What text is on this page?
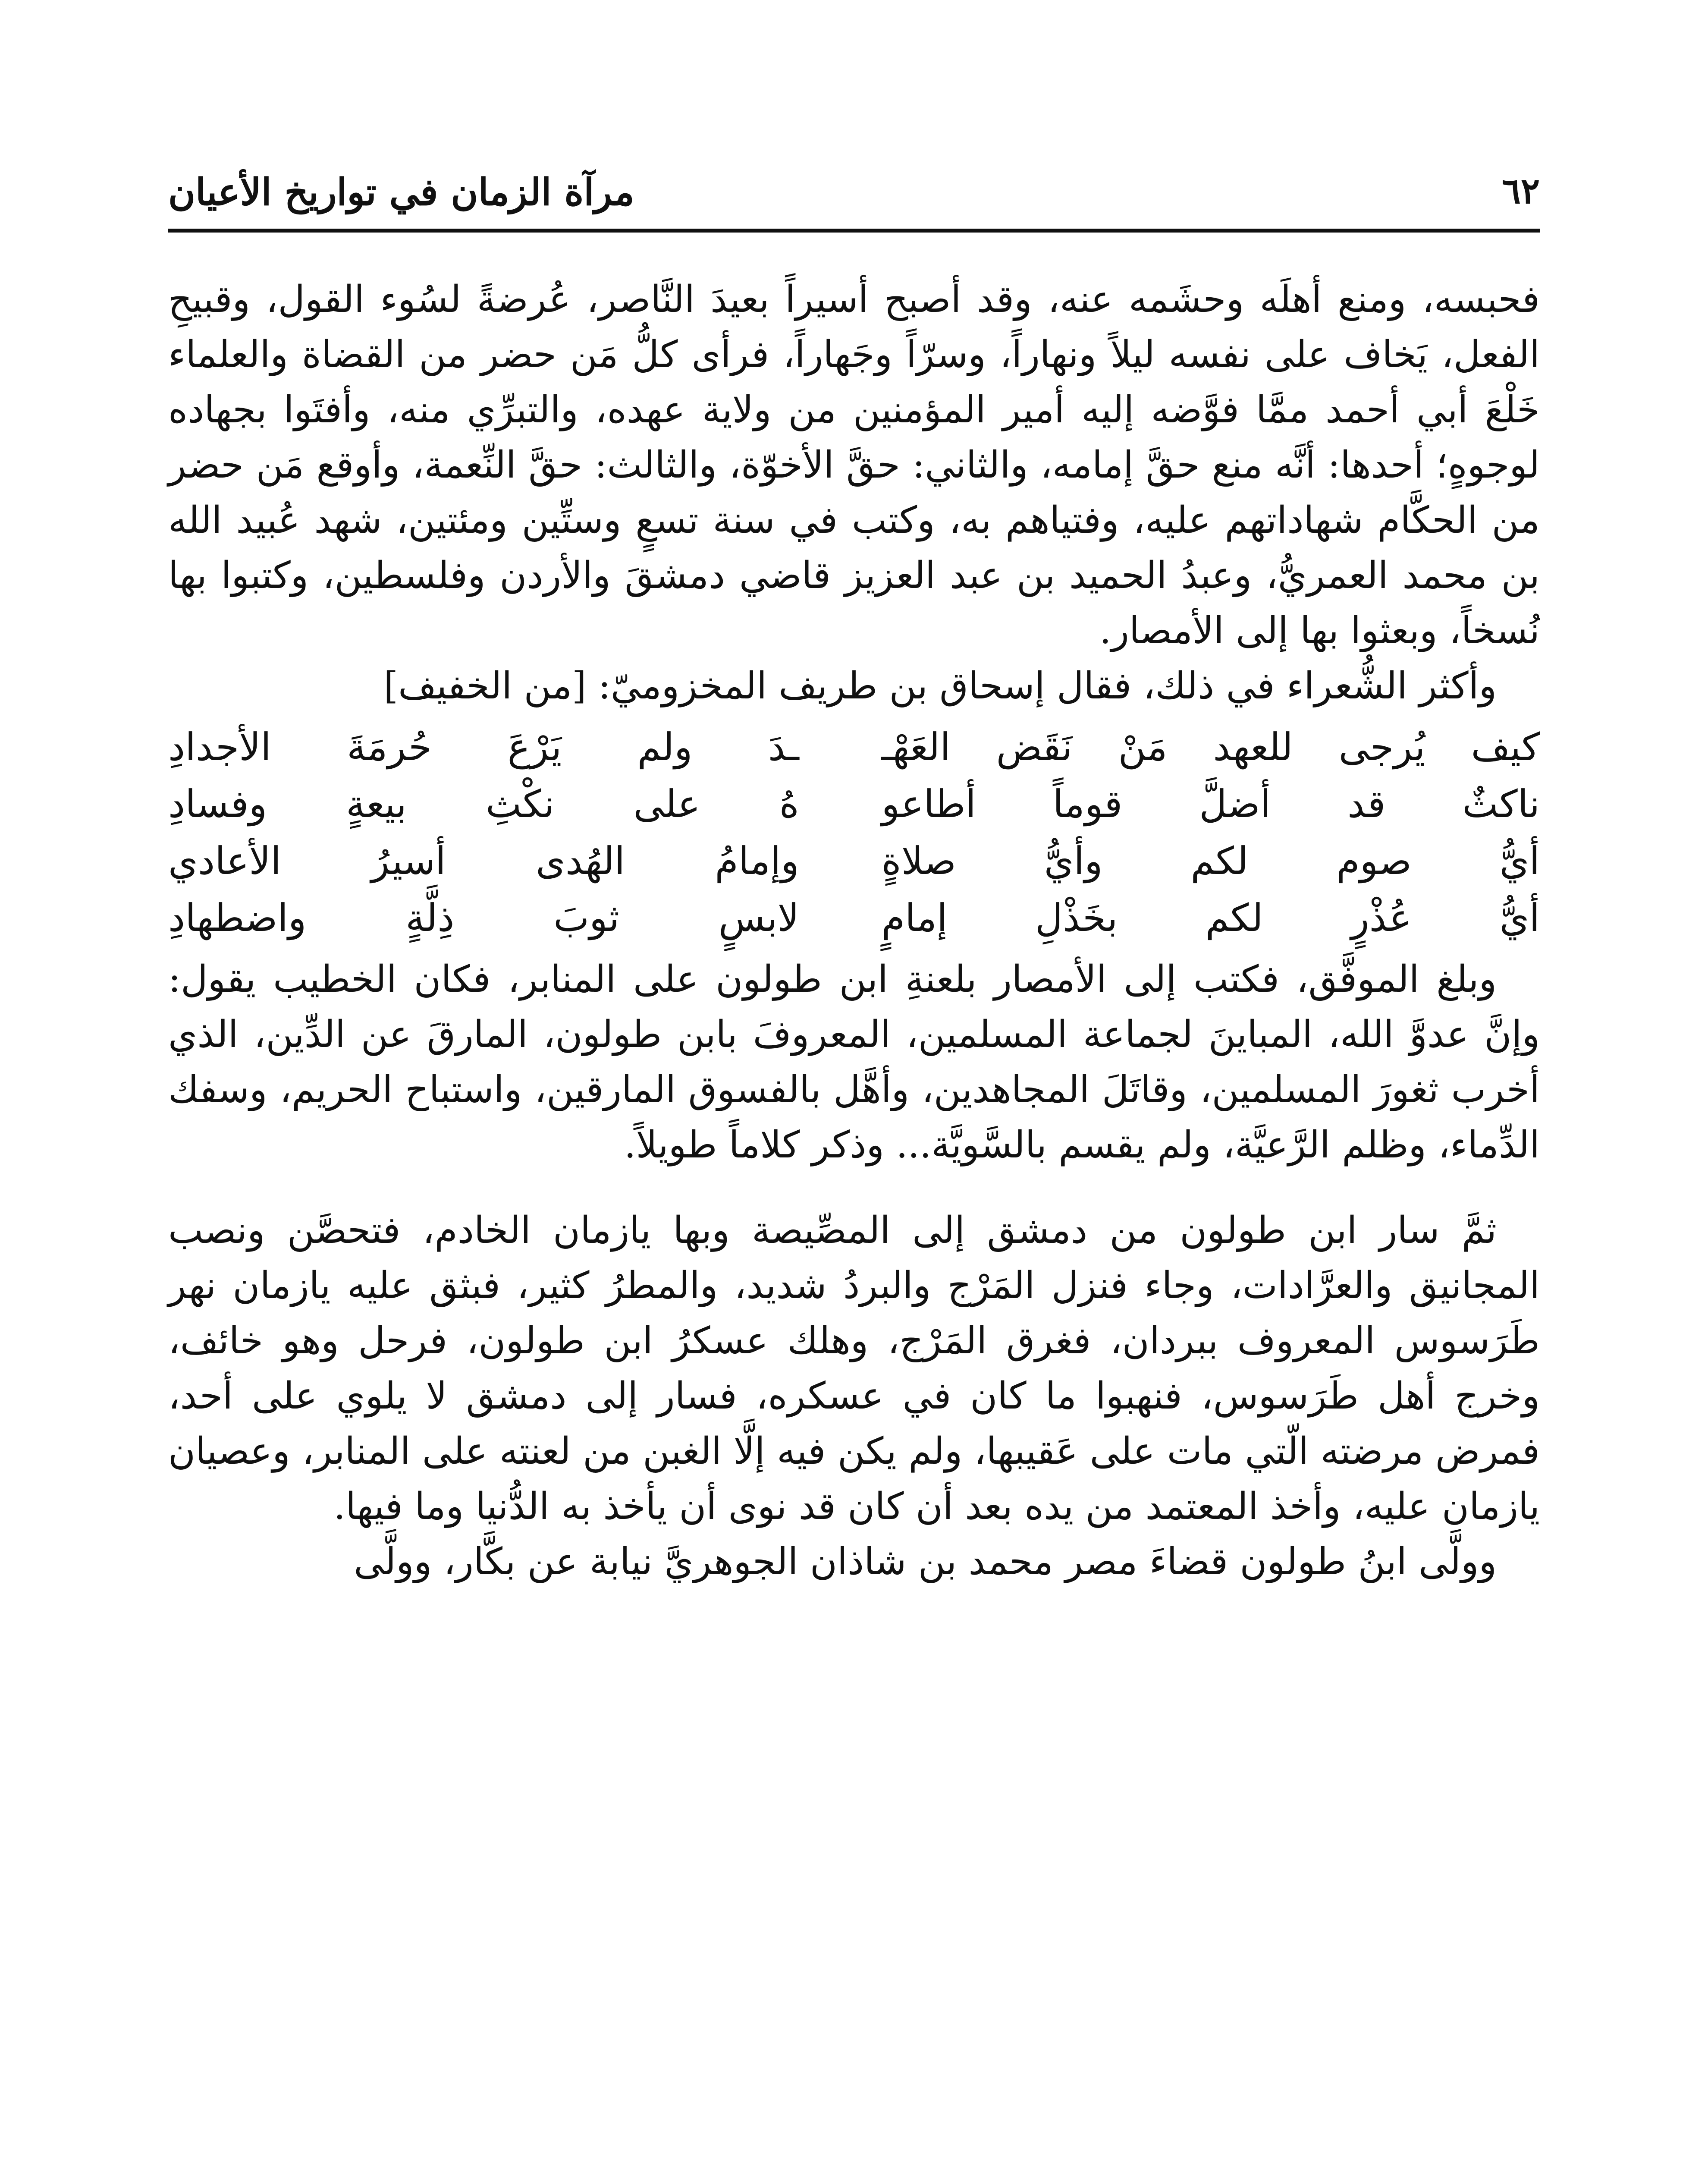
٦٢
مرآة الزمان في تواريخ الأعيان

فحبسه، ومنع أهلَه وحشَمه عنه، وقد أصبح أسيراً بعيدَ النَّاصر، عُرضةً لسُوء القول، وقبيحِ الفعل، يَخاف على نفسه ليلاً ونهاراً، وسرّاً وجَهاراً، فرأى كلُّ مَن حضر من القضاة والعلماء خَلْعَ أبي أحمد ممَّا فوَّضه إليه أمير المؤمنين من ولاية عهده، والتبرِّي منه، وأفتَوا بجهاده لوجوهٍ؛ أحدها: أنَّه منع حقَّ إمامه، والثاني: حقَّ الأخوّة، والثالث: حقَّ النِّعمة، وأوقع مَن حضر من الحكَّام شهاداتهم عليه، وفتياهم به، وكتب في سنة تسعٍ وستِّين ومئتين، شهد عُبيد الله بن محمد العمريُّ، وعبدُ الحميد بن عبد العزيز قاضي دمشقَ والأردن وفلسطين، وكتبوا بها نُسخاً، وبعثوا بها إلى الأمصار.

وأكثر الشُّعراء في ذلك، فقال إسحاق بن طريف المخزوميّ: [من الخفيف]

كيف يُرجى للعهد مَنْ نَقَض العَهْـ
ـدَ ولم يَرْعَ حُرمَةَ الأجدادِ
ناكثٌ قد أضلَّ قوماً أطاعو
هُ على نكْثِ بيعةٍ وفسادِ
أيُّ صوم لكم وأيُّ صلاةٍ
وإمامُ الهُدى أسيرُ الأعادي
أيُّ عُذْرٍ لكم بخَذْلِ إمامٍ
لابسٍ ثوبَ ذِلَّةٍ واضطهادِ

وبلغ الموفَّق، فكتب إلى الأمصار بلعنةِ ابن طولون على المنابر، فكان الخطيب يقول: وإنَّ عدوَّ الله، المباينَ لجماعة المسلمين، المعروفَ بابن طولون، المارقَ عن الدِّين، الذي أخرب ثغورَ المسلمين، وقاتَلَ المجاهدين، وأهَّل بالفسوق المارقين، واستباح الحريم، وسفك الدِّماء، وظلم الرَّعيَّة، ولم يقسم بالسَّويَّة... وذكر كلاماً طويلاً.

ثمَّ سار ابن طولون من دمشق إلى المصِّيصة وبها يازمان الخادم، فتحصَّن ونصب المجانيق والعرَّادات، وجاء فنزل المَرْج والبردُ شديد، والمطرُ كثير، فبثق عليه يازمان نهر طَرَسوس المعروف ببردان، فغرق المَرْج، وهلك عسكرُ ابن طولون، فرحل وهو خائف، وخرج أهل طَرَسوس، فنهبوا ما كان في عسكره، فسار إلى دمشق لا يلوي على أحد، فمرض مرضته الّتي مات على عَقيبها، ولم يكن فيه إلَّا الغبن من لعنته على المنابر، وعصيان يازمان عليه، وأخذ المعتمد من يده بعد أن كان قد نوى أن يأخذ به الدُّنيا وما فيها.

وولَّى ابنُ طولون قضاءَ مصر محمد بن شاذان الجوهريَّ نيابة عن بكَّار، وولَّى
